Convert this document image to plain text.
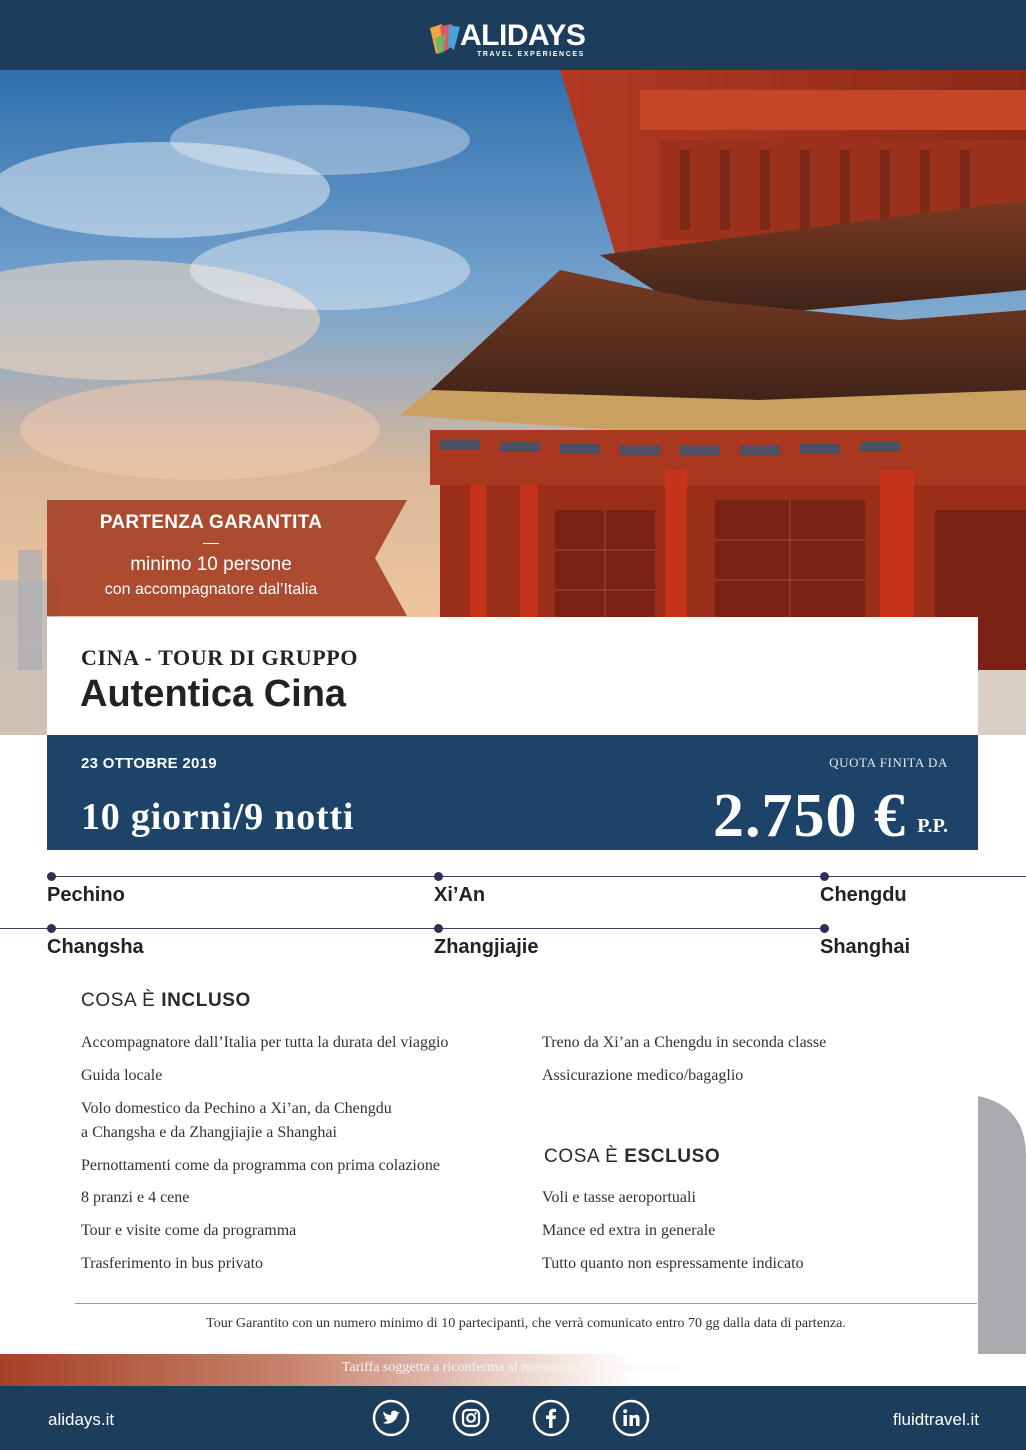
ALIDAYS
TRAVEL EXPERIENCES
PARTENZA GARANTITA
minimo 10 persone
con accompagnatore dal’Italia
CINA - TOUR DI GRUPPO
Autentica Cina
23 OTTOBRE 2019
10 giorni/9 notti
QUOTA FINITA DA
2.750 € P.P.
Pechino	Xi’An	Chengdu
Changsha	Zhangjiajie	Shanghai
COSA È INCLUSO
Accompagnatore dall’Italia per tutta la durata del viaggio
Guida locale
Volo domestico da Pechino a Xi’an, da Chengdu
a Changsha e da Zhangjiajie a Shanghai
Pernottamenti come da programma con prima colazione
8 pranzi e 4 cene
Tour e visite come da programma
Trasferimento in bus privato
Treno da Xi’an a Chengdu in seconda classe
Assicurazione medico/bagaglio
COSA È ESCLUSO
Voli e tasse aeroportuali
Mance ed extra in generale
Tutto quanto non espressamente indicato
Tour Garantito con un numero minimo di 10 partecipanti, che verrà comunicato entro 70 gg dalla data di partenza.
Tariffa soggetta a riconferma al momento della prenotazione.
alidays.it	fluidtravel.it
